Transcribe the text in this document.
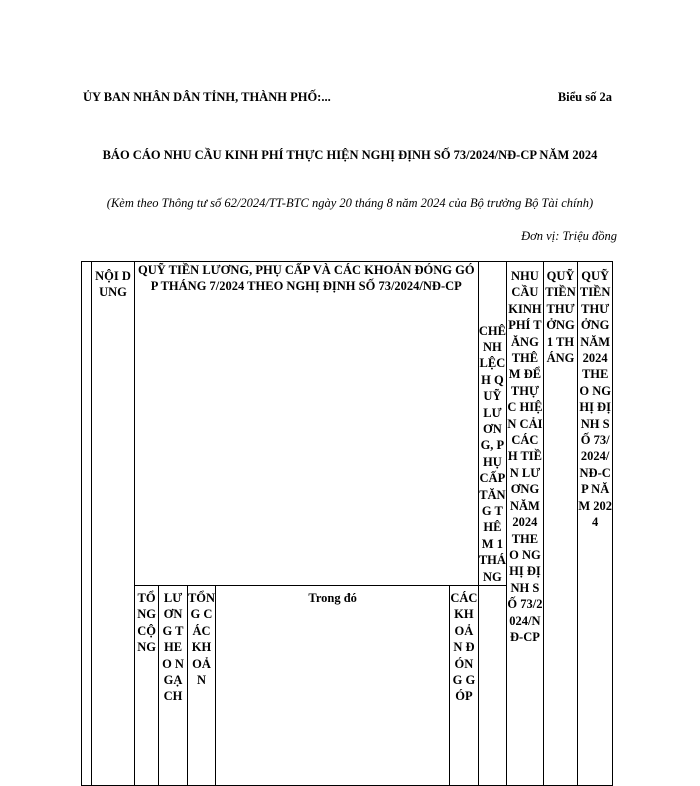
ỦY BAN NHÂN DÂN TỈNH, THÀNH PHỐ:...	Biểu số 2a
BÁO CÁO NHU CẦU KINH PHÍ THỰC HIỆN NGHỊ ĐỊNH SỐ 73/2024/NĐ-CP NĂM 2024
(Kèm theo Thông tư số 62/2024/TT-BTC ngày 20 tháng 8 năm 2024 của Bộ trưởng Bộ Tài chính)
Đơn vị: Triệu đồng
	NỘI DUNG	QUỸ TIỀN LƯƠNG, PHỤ CẤP VÀ CÁC KHOẢN ĐÓNG GÓP THÁNG 7/2024 THEO NGHỊ ĐỊNH SỐ 73/2024/NĐ-CP					CHÊNH LỆCH QUỸ LƯƠNG, PHỤ CẤP TĂNG THÊM 1 THÁNG	NHU CẦU KINH PHÍ TĂNG THÊM ĐỂ THỰC HIỆN CẢI CÁCH TIỀN LƯƠNG NĂM 2024 THEO NGHỊ ĐỊNH SỐ 73/2024/NĐ-CP	QUỸ TIỀN THƯỞNG 1 THÁNG	QUỸ TIỀN THƯỞNG NĂM 2024 THEO NGHỊ ĐỊNH SỐ 73/2024/NĐ-CP NĂM 2024
		TỔNG CỘNG	LƯƠNG THEO NGẠCH	TỔNG CÁC KHOẢN	Trong đó	CÁC KHOẢN ĐÓNG GÓP				
